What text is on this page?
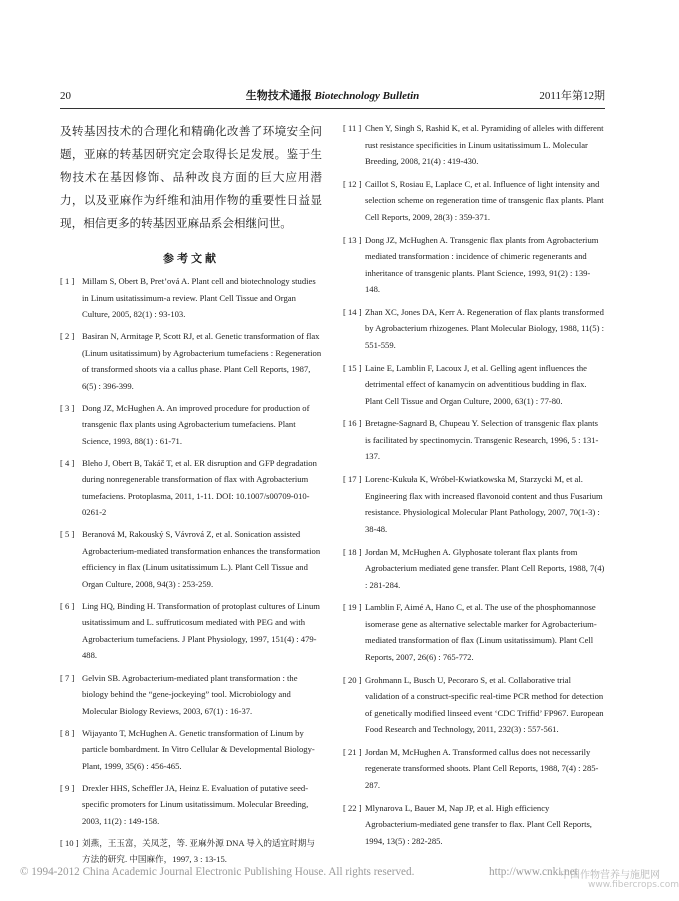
20	生物技术通报 Biotechnology Bulletin	2011年第12期

及转基因技术的合理化和精确化改善了环境安全问题，亚麻的转基因研究定会取得长足发展。鉴于生物技术在基因修饰、品种改良方面的巨大应用潜力，以及亚麻作为纤维和油用作物的重要性日益显现，相信更多的转基因亚麻品系会相继问世。

参考文献
[ 1 ] Millam S, Obert B, Pret’ová A. Plant cell and biotechnology studies in Linum usitatissimum-a review. Plant Cell Tissue and Organ Culture, 2005, 82(1) : 93-103.
[ 2 ] Basiran N, Armitage P, Scott RJ, et al. Genetic transformation of flax (Linum usitatissimum) by Agrobacterium tumefaciens : Regeneration of transformed shoots via a callus phase. Plant Cell Reports, 1987, 6(5) : 396-399.
[ 3 ] Dong JZ, McHughen A. An improved procedure for production of transgenic flax plants using Agrobacterium tumefaciens. Plant Science, 1993, 88(1) : 61-71.
[ 4 ] Bleho J, Obert B, Takáč T, et al. ER disruption and GFP degradation during nonregenerable transformation of flax with Agrobacterium tumefaciens. Protoplasma, 2011, 1-11. DOI: 10.1007/s00709-010-0261-2
[ 5 ] Beranová M, Rakouský S, Vávrová Z, et al. Sonication assisted Agrobacterium-mediated transformation enhances the transformation efficiency in flax (Linum usitatissimum L.). Plant Cell Tissue and Organ Culture, 2008, 94(3) : 253-259.
[ 6 ] Ling HQ, Binding H. Transformation of protoplast cultures of Linum usitatissimum and L. suffruticosum mediated with PEG and with Agrobacterium tumefaciens. J Plant Physiology, 1997, 151(4) : 479-488.
[ 7 ] Gelvin SB. Agrobacterium-mediated plant transformation : the biology behind the “gene-jockeying” tool. Microbiology and Molecular Biology Reviews, 2003, 67(1) : 16-37.
[ 8 ] Wijayanto T, McHughen A. Genetic transformation of Linum by particle bombardment. In Vitro Cellular & Developmental Biology-Plant, 1999, 35(6) : 456-465.
[ 9 ] Drexler HHS, Scheffler JA, Heinz E. Evaluation of putative seed-specific promoters for Linum usitatissimum. Molecular Breeding, 2003, 11(2) : 149-158.
[ 10 ] 刘燕，王玉富，关凤芝，等. 亚麻外源 DNA 导入的适宜时期与方法的研究. 中国麻作，1997, 3 : 13-15.
[ 11 ] Chen Y, Singh S, Rashid K, et al. Pyramiding of alleles with different rust resistance specificities in Linum usitatissimum L. Molecular Breeding, 2008, 21(4) : 419-430.
[ 12 ] Caillot S, Rosiau E, Laplace C, et al. Influence of light intensity and selection scheme on regeneration time of transgenic flax plants. Plant Cell Reports, 2009, 28(3) : 359-371.
[ 13 ] Dong JZ, McHughen A. Transgenic flax plants from Agrobacterium mediated transformation : incidence of chimeric regenerants and inheritance of transgenic plants. Plant Science, 1993, 91(2) : 139-148.
[ 14 ] Zhan XC, Jones DA, Kerr A. Regeneration of flax plants transformed by Agrobacterium rhizogenes. Plant Molecular Biology, 1988, 11(5) : 551-559.
[ 15 ] Laine E, Lamblin F, Lacoux J, et al. Gelling agent influences the detrimental effect of kanamycin on adventitious budding in flax. Plant Cell Tissue and Organ Culture, 2000, 63(1) : 77-80.
[ 16 ] Bretagne-Sagnard B, Chupeau Y. Selection of transgenic flax plants is facilitated by spectinomycin. Transgenic Research, 1996, 5 : 131-137.
[ 17 ] Lorenc-Kukuła K, Wróbel-Kwiatkowska M, Starzycki M, et al. Engineering flax with increased flavonoid content and thus Fusarium resistance. Physiological Molecular Plant Pathology, 2007, 70(1-3) : 38-48.
[ 18 ] Jordan M, McHughen A. Glyphosate tolerant flax plants from Agrobacterium mediated gene transfer. Plant Cell Reports, 1988, 7(4) : 281-284.
[ 19 ] Lamblin F, Aimé A, Hano C, et al. The use of the phosphomannose isomerase gene as alternative selectable marker for Agrobacterium-mediated transformation of flax (Linum usitatissimum). Plant Cell Reports, 2007, 26(6) : 765-772.
[ 20 ] Grohmann L, Busch U, Pecoraro S, et al. Collaborative trial validation of a construct-specific real-time PCR method for detection of genetically modified linseed event ‘CDC Triffid’ FP967. European Food Research and Technology, 2011, 232(3) : 557-561.
[ 21 ] Jordan M, McHughen A. Transformed callus does not necessarily regenerate transformed shoots. Plant Cell Reports, 1988, 7(4) : 285-287.
[ 22 ] Mlynarova L, Bauer M, Nap JP, et al. High efficiency Agrobacterium-mediated gene transfer to flax. Plant Cell Reports, 1994, 13(5) : 282-285.
© 1994-2012 China Academic Journal Electronic Publishing House. All rights reserved.	http://www.cnki.net
中国作物营养与施肥网
www.fibercrops.com
